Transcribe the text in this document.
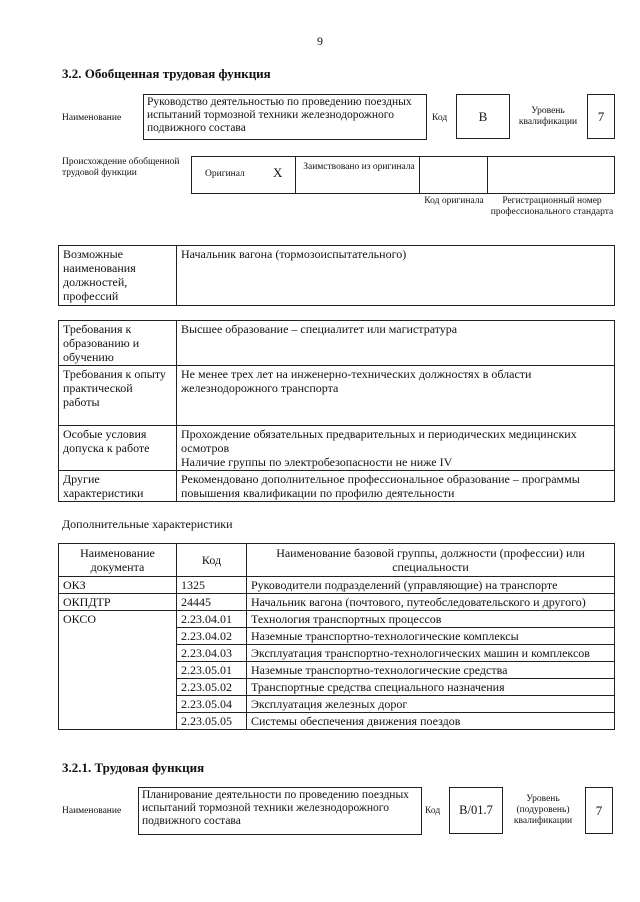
9
3.2. Обобщенная трудовая функция
Наименование
Руководство деятельностью по проведению поездных испытаний тормозной техники железнодорожного подвижного состава
Код	B	Уровень квалификации	7
Происхождение обобщенной трудовой функции	Оригинал X	Заимствовано из оригинала
Код оригинала	Регистрационный номер профессионального стандарта
Возможные наименования должностей, профессий	Начальник вагона (тормозоиспытательного)
Требования к образованию и обучению	Высшее образование – специалитет или магистратура
Требования к опыту практической работы	Не менее трех лет на инженерно-технических должностях в области железнодорожного транспорта
Особые условия допуска к работе	Прохождение обязательных предварительных и периодических медицинских осмотров
Наличие группы по электробезопасности не ниже IV

Другие характеристики	Рекомендовано дополнительное профессиональное образование – программы повышения квалификации по профилю деятельности
Дополнительные характеристики
Наименование документа	Код	Наименование базовой группы, должности (профессии) или специальности
ОКЗ	1325	Руководители подразделений (управляющие) на транспорте
ОКПДТР	24445	Начальник вагона (почтового, путеобследовательского и другого)
ОКСО	2.23.04.01	Технология транспортных процессов
	2.23.04.02	Наземные транспортно-технологические комплексы
	2.23.04.03	Эксплуатация транспортно-технологических машин и комплексов
	2.23.05.01	Наземные транспортно-технологические средства
	2.23.05.02	Транспортные средства специального назначения
	2.23.05.04	Эксплуатация железных дорог
	2.23.05.05	Системы обеспечения движения поездов
3.2.1. Трудовая функция
Наименование
Планирование деятельности по проведению поездных испытаний тормозной техники железнодорожного подвижного состава
Код	B/01.7
Уровень (подуровень) квалификации
7
